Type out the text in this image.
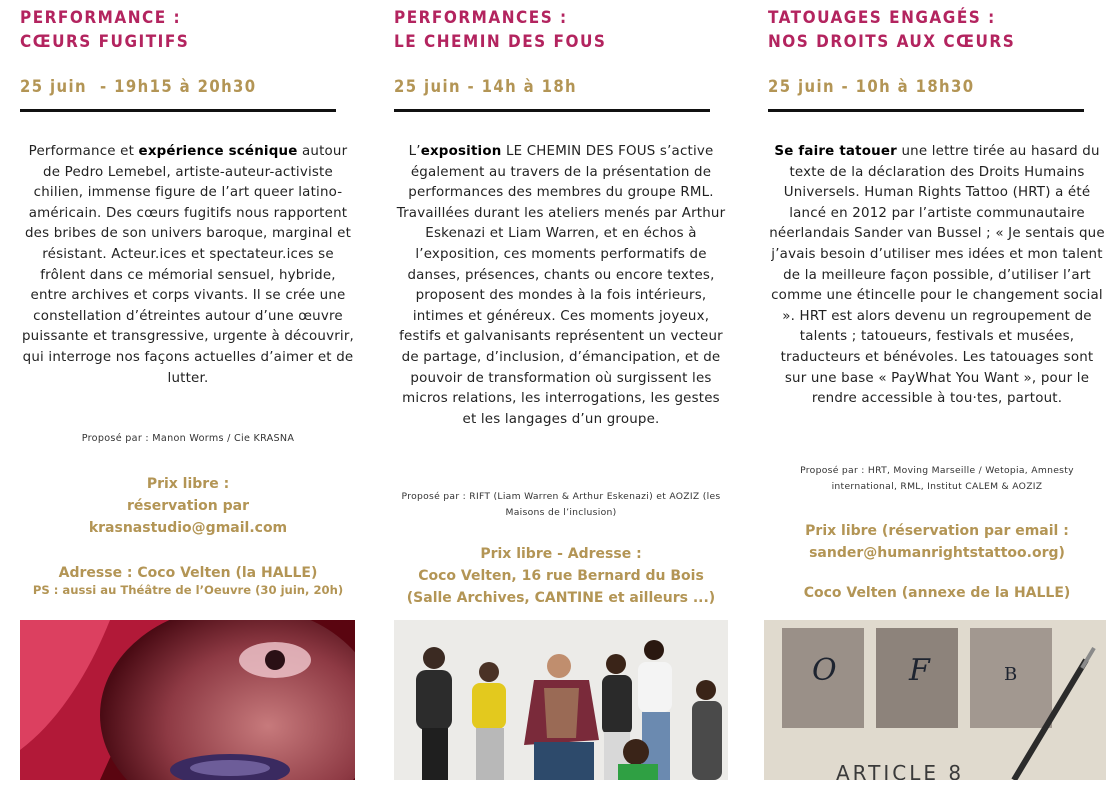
PERFORMANCE :
CŒURS FUGITIFS
25 juin  - 19h15 à 20h30
Performance et expérience scénique autour de Pedro Lemebel, artiste-auteur-activiste chilien, immense figure de l’art queer latino-américain. Des cœurs fugitifs nous rapportent des bribes de son univers baroque, marginal et résistant. Acteur.ices et spectateur.ices se frôlent dans ce mémorial sensuel, hybride, entre archives et corps vivants. Il se crée une constellation d’étreintes autour d’une œuvre puissante et transgressive, urgente à découvrir, qui interroge nos façons actuelles d’aimer et de lutter.
Proposé par : Manon Worms / Cie KRASNA
Prix libre :
réservation par
krasnastudio@gmail.com
Adresse : Coco Velten (la HALLE)
PS : aussi au Théâtre de l’Oeuvre (30 juin, 20h)
PERFORMANCES :
LE CHEMIN DES FOUS
25 juin - 14h à 18h
L’exposition LE CHEMIN DES FOUS s’active également au travers de la présentation de performances des membres du groupe RML. Travaillées durant les ateliers menés par Arthur Eskenazi et Liam Warren, et en échos à l’exposition, ces moments performatifs de danses, présences, chants ou encore textes, proposent des mondes à la fois intérieurs, intimes et généreux. Ces moments joyeux, festifs et galvanisants représentent un vecteur de partage, d’inclusion, d’émancipation, et de pouvoir de transformation où surgissent les micros relations, les interrogations, les gestes et les langages d’un groupe.
Proposé par : RIFT (Liam Warren & Arthur Eskenazi) et AOZIZ (les Maisons de l’inclusion)
Prix libre - Adresse :
Coco Velten, 16 rue Bernard du Bois
(Salle Archives, CANTINE et ailleurs ...)
TATOUAGES ENGAGÉS :
NOS DROITS AUX CŒURS
25 juin - 10h à 18h30
Se faire tatouer une lettre tirée au hasard du texte de la déclaration des Droits Humains Universels. Human Rights Tattoo (HRT) a été lancé en 2012 par l’artiste communautaire néerlandais Sander van Bussel ; « Je sentais que j’avais besoin d’utiliser mes idées et mon talent de la meilleure façon possible, d’utiliser l’art comme une étincelle pour le changement social ». HRT est alors devenu un regroupement de talents ; tatoueurs, festivals et musées, traducteurs et bénévoles. Les tatouages sont sur une base « PayWhat You Want », pour le rendre accessible à tou·tes, partout.
Proposé par : HRT, Moving Marseille / Wetopia, Amnesty international, RML, Institut CALEM & AOZIZ
Prix libre (réservation par email :
sander@humanrightstattoo.org)
Coco Velten (annexe de la HALLE)
O F	B
ARTICLE 8
